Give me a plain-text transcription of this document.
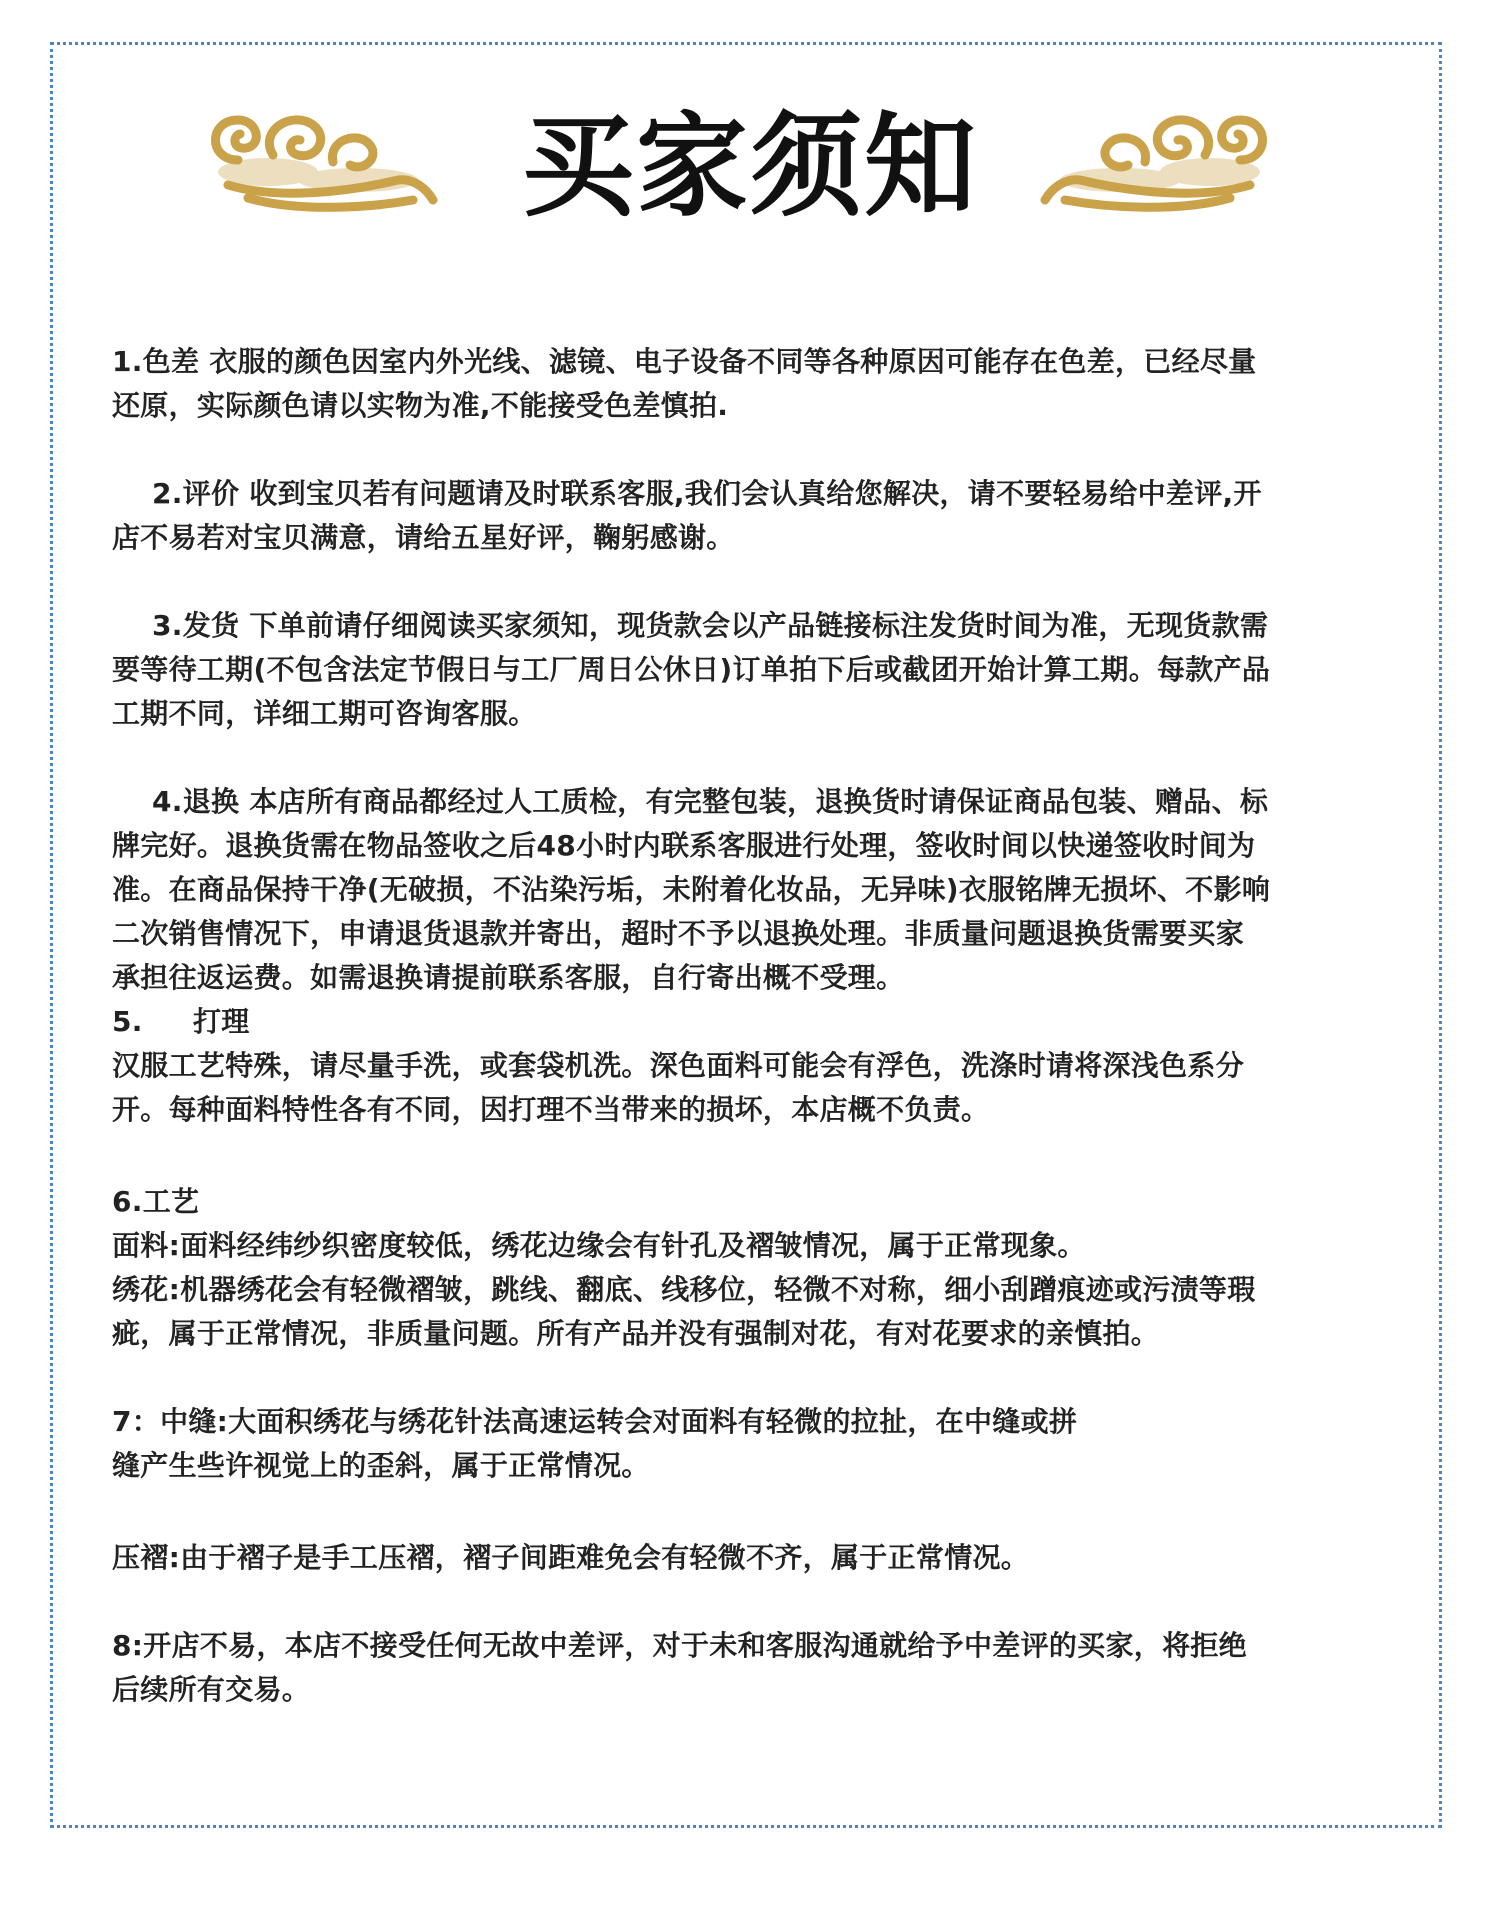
买家须知
1.色差 衣服的颜色因室内外光线、滤镜、电子设备不同等各种原因可能存在色差，已经尽量
还原，实际颜色请以实物为准,不能接受色差慎拍.
2.评价 收到宝贝若有问题请及时联系客服,我们会认真给您解决，请不要轻易给中差评,开
店不易若对宝贝满意，请给五星好评，鞠躬感谢。
3.发货 下单前请仔细阅读买家须知，现货款会以产品链接标注发货时间为准，无现货款需
要等待工期(不包含法定节假日与工厂周日公休日)订单拍下后或截团开始计算工期。每款产品
工期不同，详细工期可咨询客服。
4.退换 本店所有商品都经过人工质检，有完整包装，退换货时请保证商品包装、赠品、标
牌完好。退换货需在物品签收之后48小时内联系客服进行处理，签收时间以快递签收时间为
准。在商品保持干净(无破损，不沾染污垢，未附着化妆品，无异味)衣服铭牌无损坏、不影响
二次销售情况下，申请退货退款并寄出，超时不予以退换处理。非质量问题退换货需要买家
承担往返运费。如需退换请提前联系客服，自行寄出概不受理。
5.     打理
汉服工艺特殊，请尽量手洗，或套袋机洗。深色面料可能会有浮色，洗涤时请将深浅色系分
开。每种面料特性各有不同，因打理不当带来的损坏，本店概不负责。
6.工艺
面料:面料经纬纱织密度较低，绣花边缘会有针孔及褶皱情况，属于正常现象。
绣花:机器绣花会有轻微褶皱，跳线、翻底、线移位，轻微不对称，细小刮蹭痕迹或污渍等瑕
疵，属于正常情况，非质量问题。所有产品并没有强制对花，有对花要求的亲慎拍。
7：中缝:大面积绣花与绣花针法高速运转会对面料有轻微的拉扯，在中缝或拼
缝产生些许视觉上的歪斜，属于正常情况。
压褶:由于褶子是手工压褶，褶子间距难免会有轻微不齐，属于正常情况。
8:开店不易，本店不接受任何无故中差评，对于未和客服沟通就给予中差评的买家，将拒绝
后续所有交易。
